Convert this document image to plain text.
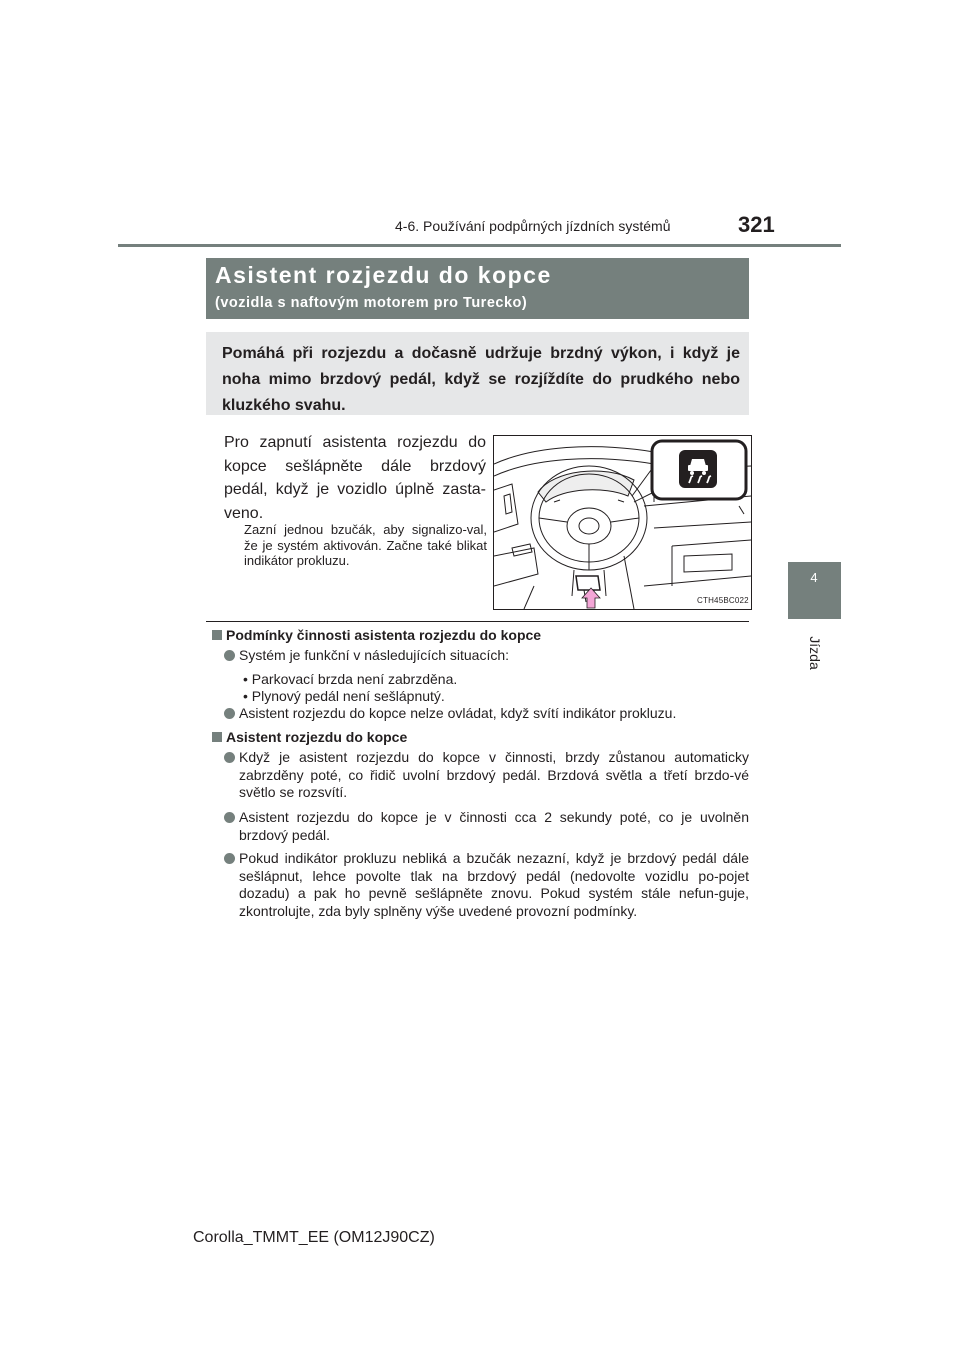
4-6. Používání podpůrných jízdních systémů	321
4
Jízda
Asistent rozjezdu do kopce
(vozidla s naftovým motorem pro Turecko)
Pomáhá při rozjezdu a dočasně udržuje brzdný výkon, i když je noha mimo brzdový pedál, když se rozjíždíte do prudkého nebo kluzkého svahu.
Pro zapnutí asistenta rozjezdu do kopce sešlápněte dále brzdový pedál, když je vozidlo úplně zasta-veno.
Zazní jednou bzučák, aby signalizo-val, že je systém aktivován. Začne také blikat indikátor prokluzu.
CTH45BC022
Podmínky činnosti asistenta rozjezdu do kopce
Systém je funkční v následujících situacích:
• Parkovací brzda není zabrzděna.
• Plynový pedál není sešlápnutý.
Asistent rozjezdu do kopce nelze ovládat, když svítí indikátor prokluzu.
Asistent rozjezdu do kopce
Když je asistent rozjezdu do kopce v činnosti, brzdy zůstanou automaticky zabrzděny poté, co řidič uvolní brzdový pedál. Brzdová světla a třetí brzdo-vé světlo se rozsvítí.
Asistent rozjezdu do kopce je v činnosti cca 2 sekundy poté, co je uvolněn brzdový pedál.
Pokud indikátor prokluzu nebliká a bzučák nezazní, když je brzdový pedál dále sešlápnut, lehce povolte tlak na brzdový pedál (nedovolte vozidlu po-pojet dozadu) a pak ho pevně sešlápněte znovu. Pokud systém stále nefun-guje, zkontrolujte, zda byly splněny výše uvedené provozní podmínky.
Corolla_TMMT_EE (OM12J90CZ)
